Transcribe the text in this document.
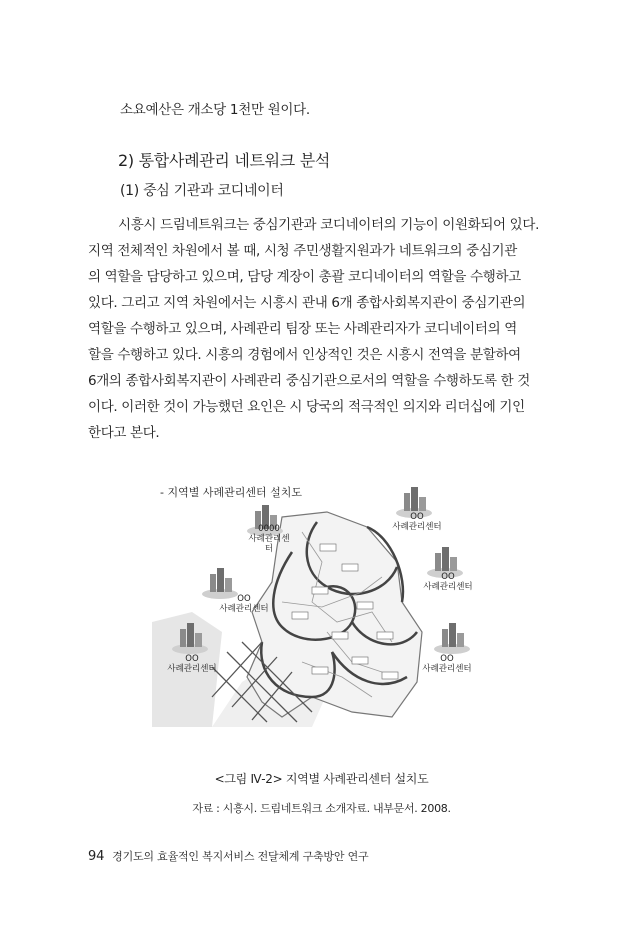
소요예산은 개소당 1천만 원이다.
2) 통합사례관리 네트워크 분석
(1) 중심 기관과 코디네이터
시흥시 드림네트워크는 중심기관과 코디네이터의 기능이 이원화되어 있다.
지역 전체적인 차원에서 볼 때, 시청 주민생활지원과가 네트워크의 중심기관
의 역할을 담당하고 있으며, 담당 계장이 총괄 코디네이터의 역할을 수행하고
있다. 그리고 지역 차원에서는 시흥시 관내 6개 종합사회복지관이 중심기관의
역할을 수행하고 있으며, 사례관리 팀장 또는 사례관리자가 코디네이터의 역
할을 수행하고 있다. 시흥의 경험에서 인상적인 것은 시흥시 전역을 분할하여
6개의 종합사회복지관이 사례관리 중심기관으로서의 역할을 수행하도록 한 것
이다. 이러한 것이 가능했던 요인은 시 당국의 적극적인 의지와 리더십에 기인
한다고 본다.
- 지역별 사례관리센터 설치도
0000
사례관리센터
OO
사례관리센터
OO
사례관리센터
OO
사례관리센터
OO
사례관리센터
OO
사례관리센터
<그림 Ⅳ-2> 지역별 사례관리센터 설치도
자료 : 시흥시. 드림네트워크 소개자료. 내부문서. 2008.
94 경기도의 효율적인 복지서비스 전달체계 구축방안 연구
